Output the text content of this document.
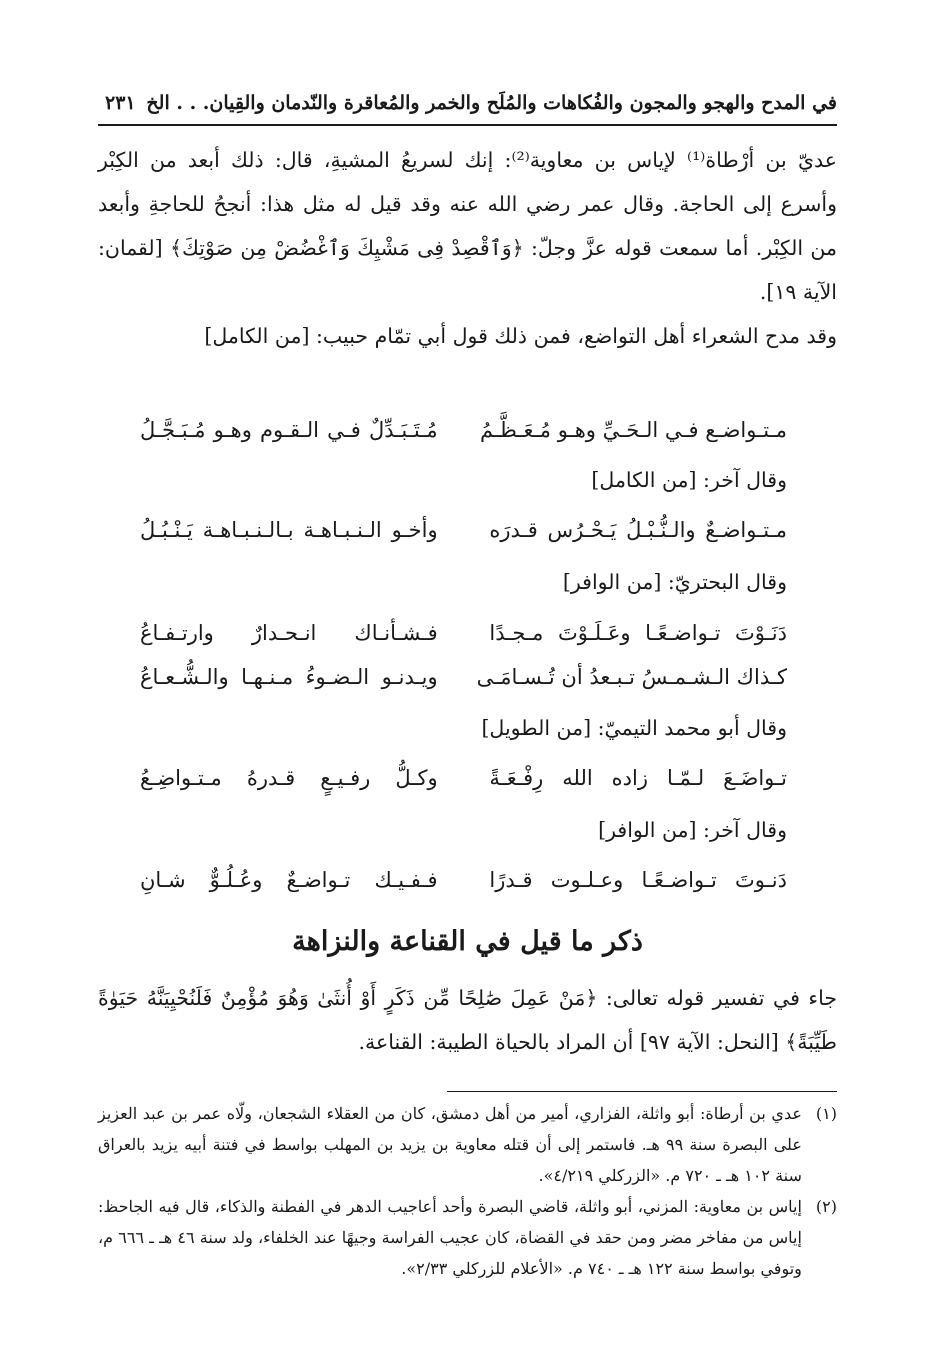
في المدح والهجو والمجون والفُكاهات والمُلَح والخمر والمُعاقرة والنّدمان والقِيان. . . الخ
٢٣١
عديّ بن أرْطاة⁽¹⁾ لإياس بن معاوية⁽²⁾: إنك لسريعُ المشيةِ، قال: ذلك أبعد من الكِبْر وأسرع إلى الحاجة. وقال عمر رضي الله عنه وقد قيل له مثل هذا: أنجحُ للحاجةِ وأبعد من الكِبْر. أما سمعت قوله عزَّ وجلّ: ﴿وَٱقْصِدْ فِى مَشْيِكَ وَٱغْضُضْ مِن صَوْتِكَ﴾ [لقمان: الآية ١٩].
وقد مدح الشعراء أهل التواضع، فمن ذلك قول أبي تمّام حبيب: [من الكامل]
مـتـواضـع فـي الـحَـيِّ وهـو مُـعَـظَّـمُ
مُـتَـبَـدِّلٌ فـي الـقـوم وهـو مُـبَـجَّـلُ
وقال آخر: [من الكامل]
مـتـواضـعٌ والـنُّـبْـلُ يَـحْـرُس قـدرَه
وأخـو الـنـبـاهـة بـالـنـبـاهـة يَـنْـبُـلُ
وقال البحتريّ: [من الوافر]
دَنَـوْتَ تـواضـعًـا وعَـلَـوْتَ مـجـدًا
فـشـأنـاك انـحـدارٌ وارتـفـاعُ
كـذاك الـشـمـسُ تـبـعدُ أن تُـسـامَـى
ويـدنـو الـضـوءُ مـنـهـا والـشُّـعـاعُ
وقال أبو محمد التيميّ: [من الطويل]
تـواضَـعَ لـمّـا زاده الله رِفْـعَـةً
وكـلُّ رفـيـعٍ قـدرهُ مـتـواضِـعُ
وقال آخر: [من الوافر]
دَنـوتَ تـواضـعًـا وعـلـوت قـدرًا
فـفـيـك تـواضـعٌ وعُـلُـوٌّ شـانِ
ذكر ما قيل في القناعة والنزاهة
جاء في تفسير قوله تعالى: ﴿مَنْ عَمِلَ صَٰلِحًا مِّن ذَكَرٍ أَوْ أُنثَىٰ وَهُوَ مُؤْمِنٌ فَلَنُحْيِيَنَّهُ حَيَوٰةً طَيِّبَةً﴾ [النحل: الآية ٩٧] أن المراد بالحياة الطيبة: القناعة.
(١)
عدي بن أرطاة: أبو واثلة، الفزاري، أمير من أهل دمشق، كان من العقلاء الشجعان، ولّاه عمر بن عبد العزيز على البصرة سنة ٩٩ هـ. فاستمر إلى أن قتله معاوية بن يزيد بن المهلب بواسط في فتنة أبيه يزيد بالعراق سنة ١٠٢ هـ ـ ٧٢٠ م. «الزركلي ٤/٢١٩».
(٢)
إياس بن معاوية: المزني، أبو واثلة، قاضي البصرة وأحد أعاجيب الدهر في الفطنة والذكاء، قال فيه الجاحظ: إياس من مفاخر مضر ومن حقد في القضاة، كان عجيب الفراسة وجيهًا عند الخلفاء، ولد سنة ٤٦ هـ ـ ٦٦٦ م، وتوفي بواسط سنة ١٢٢ هـ ـ ٧٤٠ م. «الأعلام للزركلي ٢/٣٣».
